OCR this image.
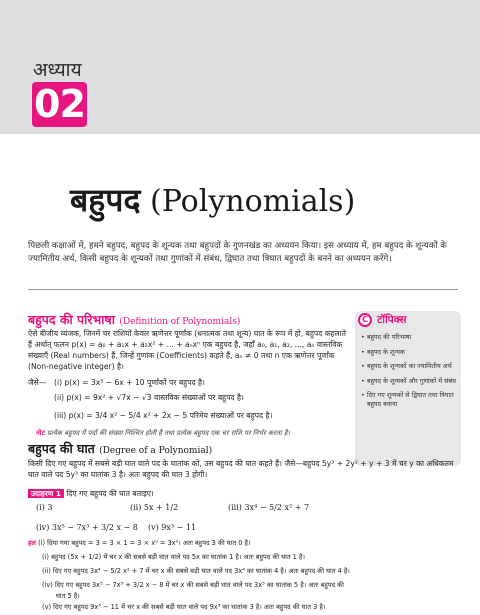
अध्याय
02
बहुपद (Polynomials)
पिछली कक्षाओं में, हमने बहुपद, बहुपद के शून्यक तथा बहुपदों के गुणनखंड का अध्ययन किया। इस अध्याय में, हम बहुपद के शून्यकों के ज्यामितीय अर्थ, किसी बहुपद के शून्यकों तथा गुणांकों में संबंध, द्विघात तथा त्रिघात बहुपदों के बनने का अध्ययन करेंगे।
बहुपद की परिभाषा (Definition of Polynomials)
ऐसे बीजीय व्यंजक, जिनमें चर राशियों केवल ऋणेत्तर पूर्णांक (धनात्मक तथा शून्य) घात के रूप में हो, बहुपद कहलाते हैं अर्थात् फलन p(x) = a₀ + a₁x + a₂x² + ... + aₙxⁿ एक बहुपद है, जहाँ a₀, a₁, a₂, ..., aₙ वास्तविक संख्याएँ (Real numbers) हैं, जिन्हें गुणांक (Coefficients) कहते हैं, aₙ ≠ 0 तथा n एक ऋणेत्तर पूर्णांक (Non-negative integer) है।
जैसे— (i) p(x) = 3x³ − 6x + 10 पूर्णांकों पर बहुपद है।
(ii) p(x) = 9x² + √7x − √3 वास्तविक संख्याओं पर बहुपद है।
(iii) p(x) = 3/4 x² − 5/4 x² + 2x − 5 परिमेय संख्याओं पर बहुपद है।
नोट प्रत्येक बहुपद में पदों की संख्या निश्चित होती है तथा प्रत्येक बहुपद एक चर राशि पर निर्भर करता है।
C टॉपिक्स
• बहुपद की परिभाषा
• बहुपद के शून्यक
• बहुपद के शून्यकों का ज्यामितीय अर्थ
• बहुपद के शून्यकों और गुणांकों में संबंध
• दिए गए शून्यकों से द्विघात तथा त्रिघात बहुपद बनाना
बहुपद की घात (Degree of a Polynomial)
किसी दिए गए बहुपद में सबसे बड़ी घात वाले पद के घातांक को, उस बहुपद की घात कहते हैं। जैसे—बहुपद 5y³ + 2y² + y + 3 में चर y का अधिकतम घात वाले पद 5y³ का घातांक 3 है। अतः बहुपद की घात 3 होगी।
उदाहरण 1 दिए गए बहुपद की घात बताइए।
(i) 3	(ii) 5x + 1/2	(iii) 3x⁴ − 5/2 x² + 7
(iv) 3x⁵ − 7x³ + 3/2 x − 8 (v) 9x³ − 11
हल (i) दिया गया बहुपद = 3 = 3 × 1 = 3 × x⁰ = 3x⁰। अतः बहुपद 3 की घात 0 है।
(i) बहुपद (5x + 1/2) में चर x की सबसे बड़ी घात वाले पद 5x का घातांक 1 है। अतः बहुपद की घात 1 है।
(ii) दिए गए बहुपद 3x⁴ − 5/2 x² + 7 में चर x की सबसे बड़ी घात वाले पद 3x⁴ का घातांक 4 है। अतः बहुपद की घात 4 है।
(iv) दिए गए बहुपद 3x⁵ − 7x³ + 3/2 x − 8 में चर x की सबसे बड़ी घात वाले पद 3x⁵ का घातांक 5 है। अतः बहुपद की
घात 5 है।
(v) दिए गए बहुपद 9x³ − 11 में चर x की सबसे बड़ी घात वाले पद 9x³ का घातांक 3 है। अतः बहुपद की घात 3 है।
